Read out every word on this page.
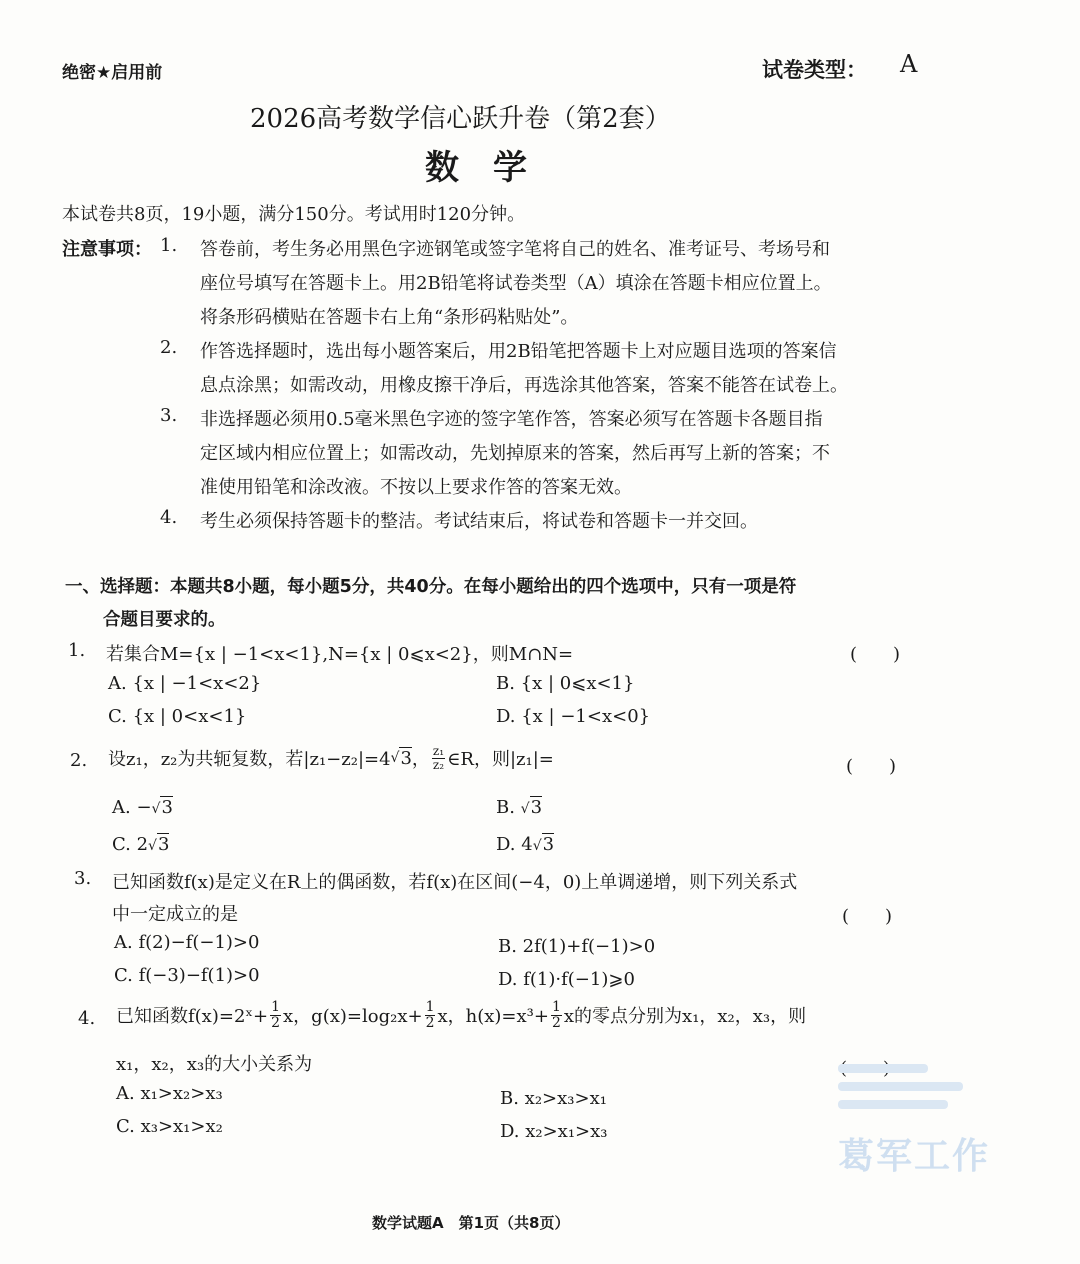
绝密★启用前	试卷类型： A
2026高考数学信心跃升卷（第2套）
数　学
本试卷共8页，19小题，满分150分。考试用时120分钟。
注意事项： 1. 答卷前，考生务必用黑色字迹钢笔或签字笔将自己的姓名、准考证号、考场号和
座位号填写在答题卡上。用2B铅笔将试卷类型（A）填涂在答题卡相应位置上。
将条形码横贴在答题卡右上角“条形码粘贴处”。
2. 作答选择题时，选出每小题答案后，用2B铅笔把答题卡上对应题目选项的答案信
息点涂黑；如需改动，用橡皮擦干净后，再选涂其他答案，答案不能答在试卷上。
3. 非选择题必须用0.5毫米黑色字迹的签字笔作答，答案必须写在答题卡各题目指
定区域内相应位置上；如需改动，先划掉原来的答案，然后再写上新的答案；不
准使用铅笔和涂改液。不按以上要求作答的答案无效。
4. 考生必须保持答题卡的整洁。考试结束后，将试卷和答题卡一并交回。
一、选择题：本题共8小题，每小题5分，共40分。在每小题给出的四个选项中，只有一项是符
合题目要求的。
1. 若集合M={x | −1<x<1},N={x | 0⩽x<2}，则M∩N=	(　　)
A. {x | −1<x<2}	B. {x | 0⩽x<1}
C. {x | 0<x<1}	D. {x | −1<x<0}
2. 设z₁，z₂为共轭复数，若|z₁−z₂|=4 √ 3 ， $\frac{\text{z₁}}{\text{z₂}}$ ∈R，则|z₁|=	(　　)
A. −√3	B. √3
C. 2√3	D. 4√3
3. 已知函数f(x)是定义在R上的偶函数，若f(x)在区间(−4，0)上单调递增，则下列关系式
中一定成立的是	(　　)
A. f(2)−f(−1)>0	B. 2f(1)+f(−1)>0
C. f(−3)−f(1)>0	D. f(1)·f(−1)⩾0
4. 已知函数f(x)=2ˣ+ $\frac{1}{2}$ x，$g(x)=\log_2x+ \frac{1}{2}$ x，$h(x)=x^3+ \frac{1}{2}$ x的零点分别为x₁，x₂，x₃，则
x₁，x₂，x₃的大小关系为
A. x₁>x₂>x₃	B. x₂>x₃>x₁
C. x₃>x₁>x₂	D. x₂>x₁>x₃
葛军工作
数学试题A　第1页（共8页）
